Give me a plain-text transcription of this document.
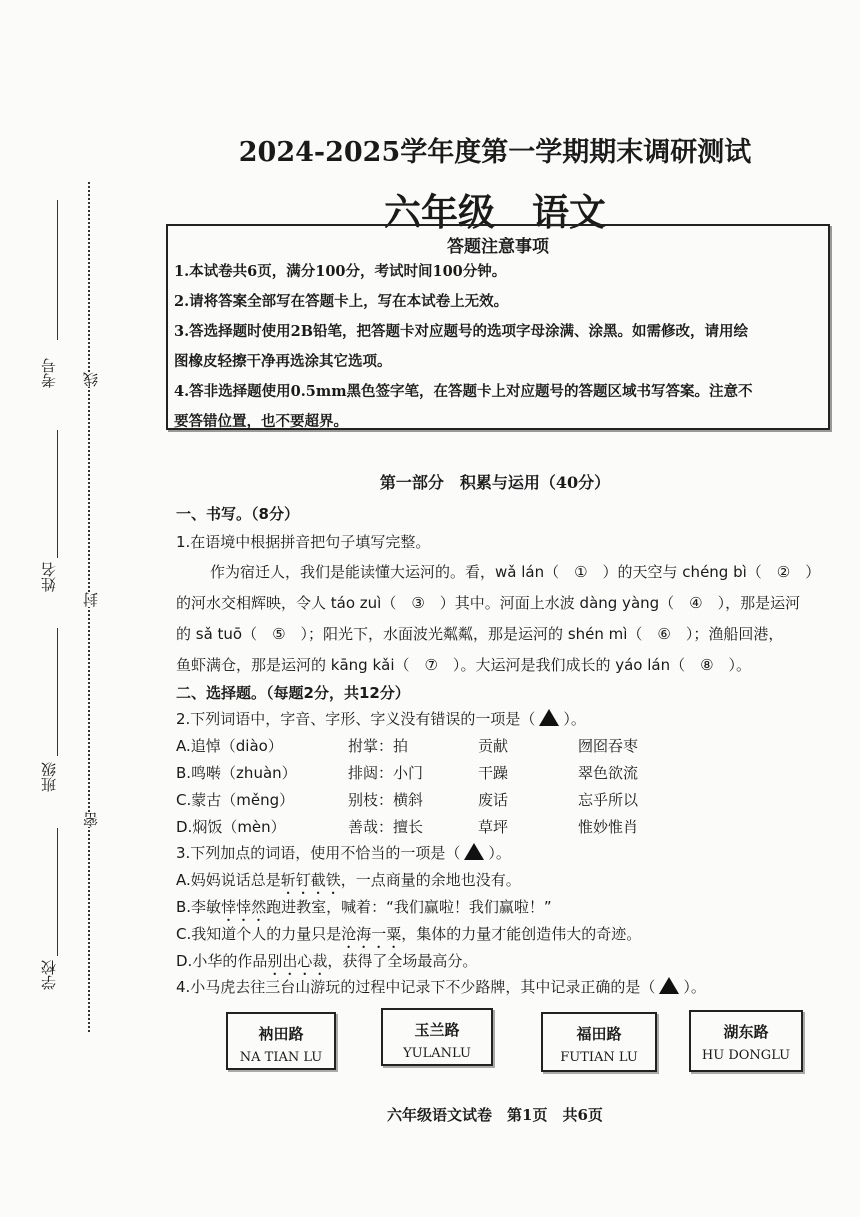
2024-2025学年度第一学期期末调研测试
六年级　语文
考号
姓名
班级
学校
线
封
密
答题注意事项
1.本试卷共6页，满分100分，考试时间100分钟。
2.请将答案全部写在答题卡上，写在本试卷上无效。
3.答选择题时使用2B铅笔，把答题卡对应题号的选项字母涂满、涂黑。如需修改，请用绘
图橡皮轻擦干净再选涂其它选项。
4.答非选择题使用0.5mm黑色签字笔，在答题卡上对应题号的答题区域书写答案。注意不
要答错位置，也不要超界。
第一部分　积累与运用（40分）
一、书写。（8分）
1.在语境中根据拼音把句子填写完整。
作为宿迁人，我们是能读懂大运河的。看，wǎ lán（　①　）的天空与 chéng bì（　②　）
的河水交相辉映，令人 táo zuì（　③　）其中。河面上水波 dàng yàng（　④　），那是运河
的 sǎ tuō（　⑤　）；阳光下，水面波光粼粼，那是运河的 shén mì（　⑥　）；渔船回港，
鱼虾满仓，那是运河的 kāng kǎi（　⑦　）。大运河是我们成长的 yáo lán（　⑧　）。
二、选择题。（每题2分，共12分）
2.下列词语中，字音、字形、字义没有错误的一项是（ ）。
A.追悼（diào）	拊掌：拍	贡献	囫囵吞枣
B.鸣啭（zhuàn）	排闼：小门	干躁	翠色欲流
C.蒙古（měng）	别枝：横斜	废话	忘乎所以
D.焖饭（mèn）	善哉：擅长	草坪	惟妙惟肖
3.下列加点的词语，使用不恰当的一项是（ ）。
A.妈妈说话总是斩钉截铁，一点商量的余地也没有。
B.李敏悻悻然跑进教室，喊着：“我们赢啦！我们赢啦！”
C.我知道个人的力量只是沧海一粟，集体的力量才能创造伟大的奇迹。
D.小华的作品别出心裁，获得了全场最高分。
4.小马虎去往三台山游玩的过程中记录下不少路牌，其中记录正确的是（ ）。
衲田路
NA TIAN LU
玉兰路
YULANLU
福田路
FUTIAN LU
湖东路
HU DONGLU
六年级语文试卷　第1页　共6页
